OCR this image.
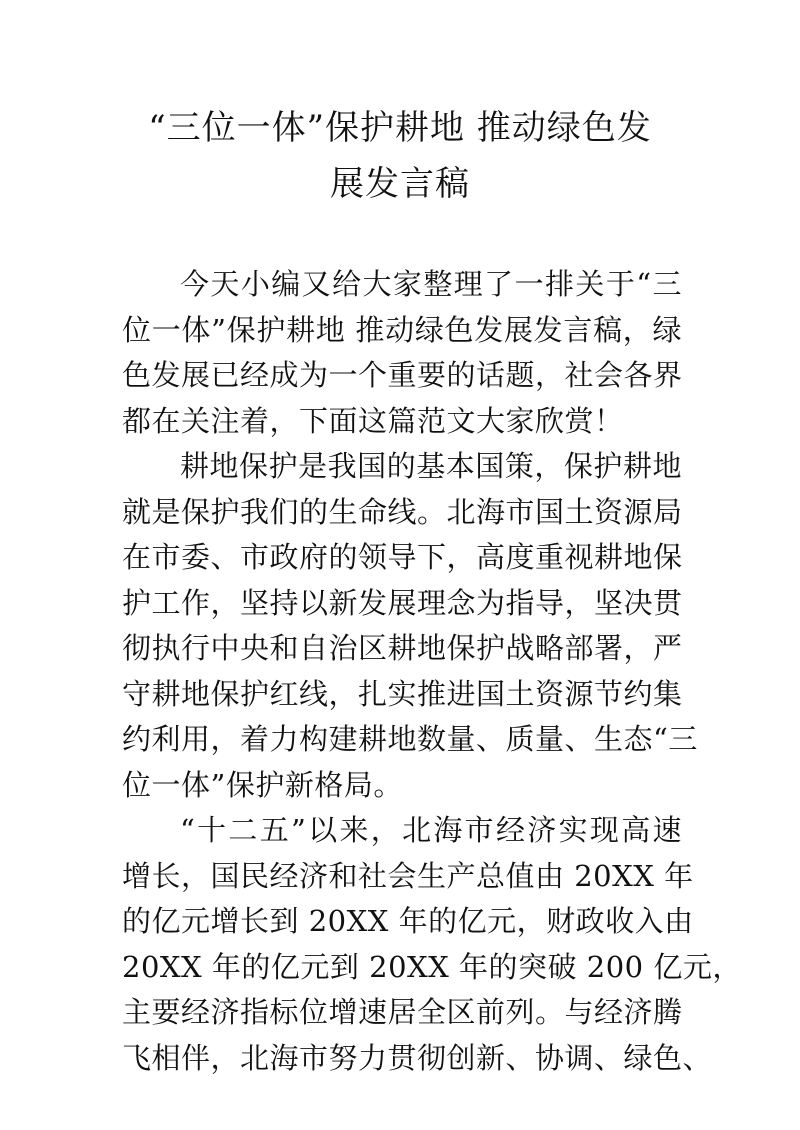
“三位一体”保护耕地 推动绿色发
展发言稿

今天小编又给大家整理了一排关于“三
位一体”保护耕地 推动绿色发展发言稿，绿
色发展已经成为一个重要的话题，社会各界
都在关注着，下面这篇范文大家欣赏！

耕地保护是我国的基本国策，保护耕地
就是保护我们的生命线。北海市国土资源局
在市委、市政府的领导下，高度重视耕地保
护工作，坚持以新发展理念为指导，坚决贯
彻执行中央和自治区耕地保护战略部署，严
守耕地保护红线，扎实推进国土资源节约集
约利用，着力构建耕地数量、质量、生态“三
位一体”保护新格局。

“十二五”以来，北海市经济实现高速
增长，国民经济和社会生产总值由 20XX 年
的亿元增长到 20XX 年的亿元，财政收入由
20XX 年的亿元到 20XX 年的突破 200 亿元，
主要经济指标位增速居全区前列。与经济腾
飞相伴，北海市努力贯彻创新、协调、绿色、
